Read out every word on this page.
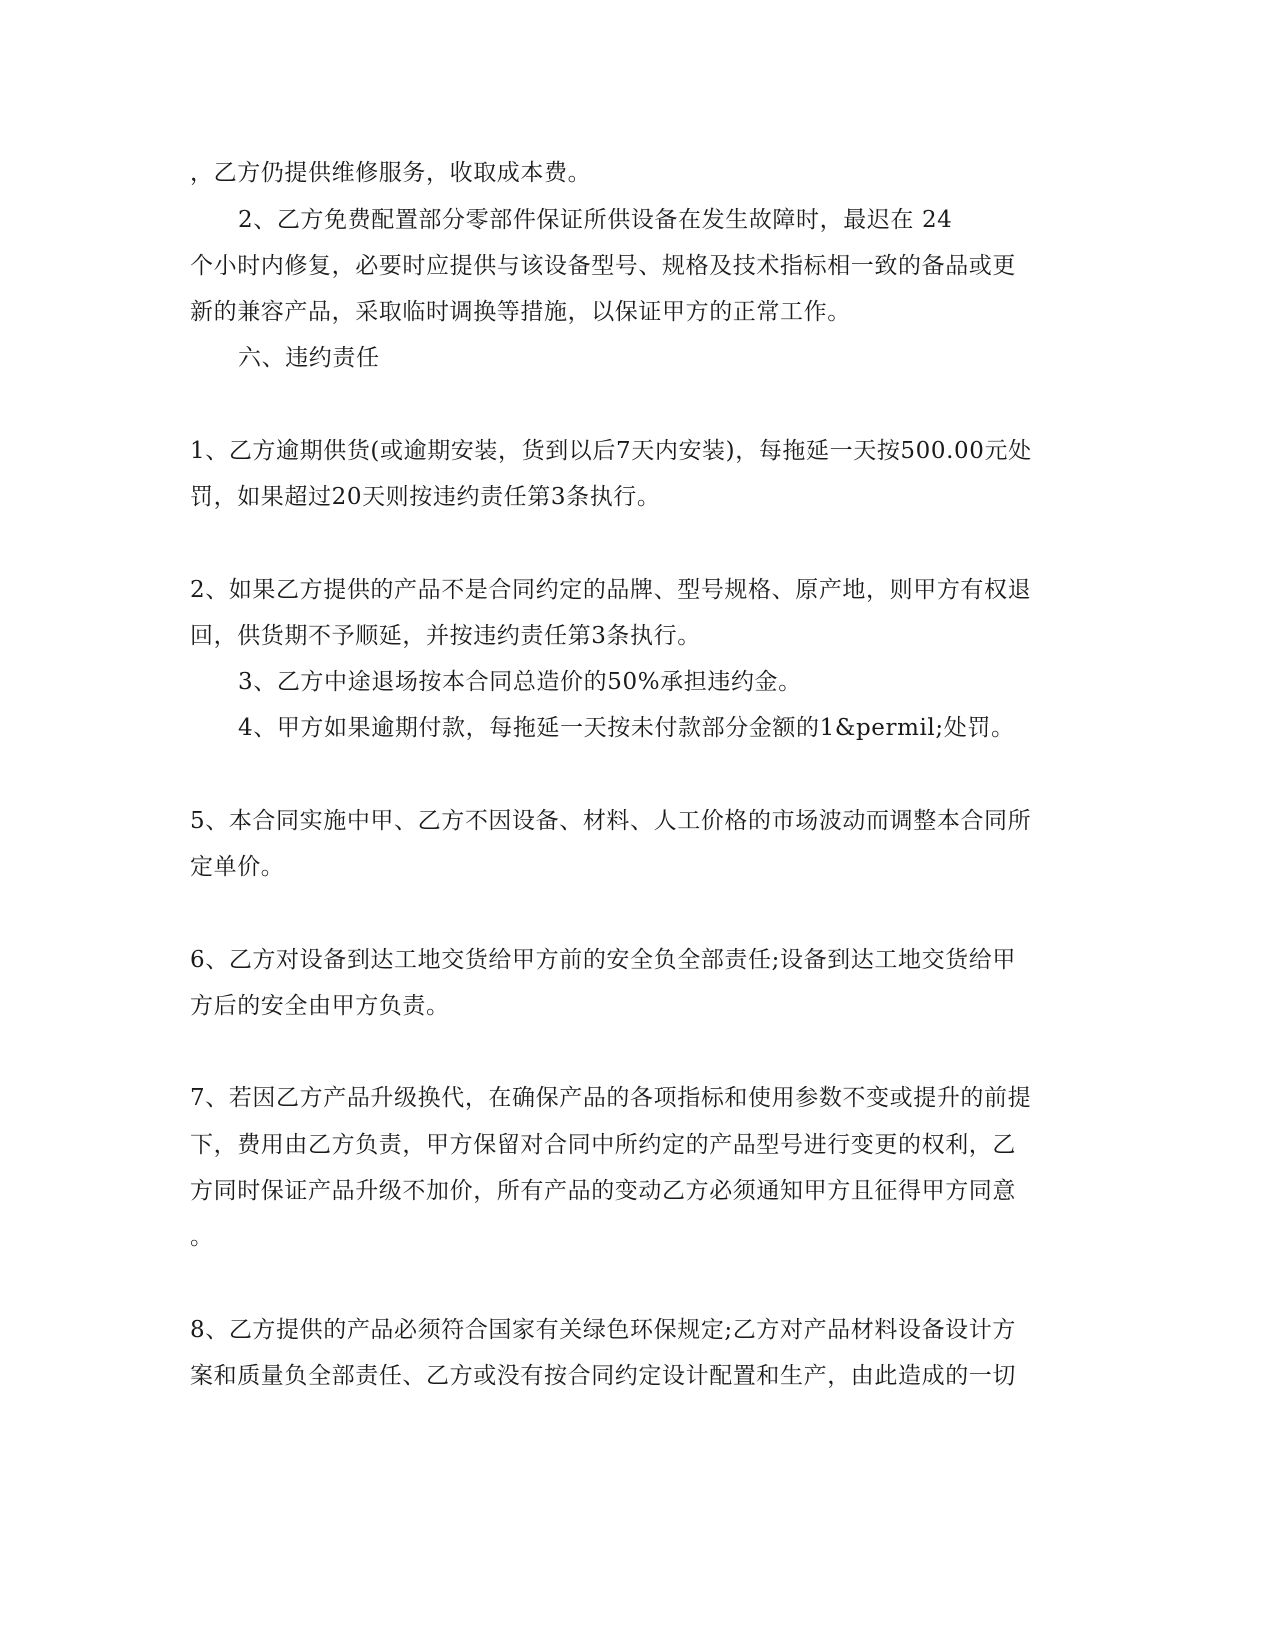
，乙方仍提供维修服务，收取成本费。
2、乙方免费配置部分零部件保证所供设备在发生故障时，最迟在 24
个小时内修复，必要时应提供与该设备型号、规格及技术指标相一致的备品或更
新的兼容产品，采取临时调换等措施，以保证甲方的正常工作。
六、违约责任
1、乙方逾期供货(或逾期安装，货到以后7天内安装)，每拖延一天按500.00元处
罚，如果超过20天则按违约责任第3条执行。
2、如果乙方提供的产品不是合同约定的品牌、型号规格、原产地，则甲方有权退
回，供货期不予顺延，并按违约责任第3条执行。
3、乙方中途退场按本合同总造价的50%承担违约金。
4、甲方如果逾期付款，每拖延一天按未付款部分金额的1&permil;处罚。
5、本合同实施中甲、乙方不因设备、材料、人工价格的市场波动而调整本合同所
定单价。
6、乙方对设备到达工地交货给甲方前的安全负全部责任;设备到达工地交货给甲
方后的安全由甲方负责。
7、若因乙方产品升级换代，在确保产品的各项指标和使用参数不变或提升的前提
下，费用由乙方负责，甲方保留对合同中所约定的产品型号进行变更的权利，乙
方同时保证产品升级不加价，所有产品的变动乙方必须通知甲方且征得甲方同意
。
8、乙方提供的产品必须符合国家有关绿色环保规定;乙方对产品材料设备设计方
案和质量负全部责任、乙方或没有按合同约定设计配置和生产，由此造成的一切
